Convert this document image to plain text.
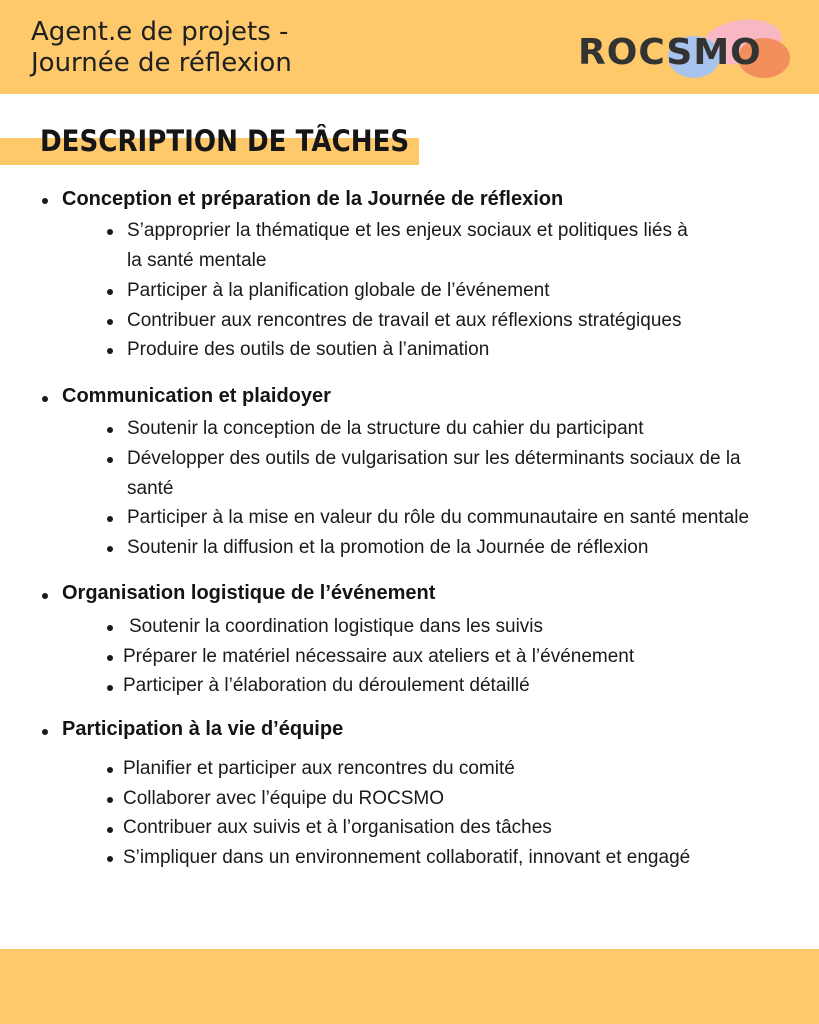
Agent.e de projets -
Journée de réflexion	ROCSMO
DESCRIPTION DE TÂCHES
Conception et préparation de la Journée de réflexion
S’approprier la thématique et les enjeux sociaux et politiques liés à
la santé mentale
Participer à la planification globale de l’événement
Contribuer aux rencontres de travail et aux réflexions stratégiques
Produire des outils de soutien à l’animation
Communication et plaidoyer
Soutenir la conception de la structure du cahier du participant
Développer des outils de vulgarisation sur les déterminants sociaux de la
santé
Participer à la mise en valeur du rôle du communautaire en santé mentale
Soutenir la diffusion et la promotion de la Journée de réflexion
Organisation logistique de l’événement
Soutenir la coordination logistique dans les suivis
Préparer le matériel nécessaire aux ateliers et à l’événement
Participer à l’élaboration du déroulement détaillé
Participation à la vie d’équipe
Planifier et participer aux rencontres du comité
Collaborer avec l’équipe du ROCSMO
Contribuer aux suivis et à l’organisation des tâches
S’impliquer dans un environnement collaboratif, innovant et engagé
